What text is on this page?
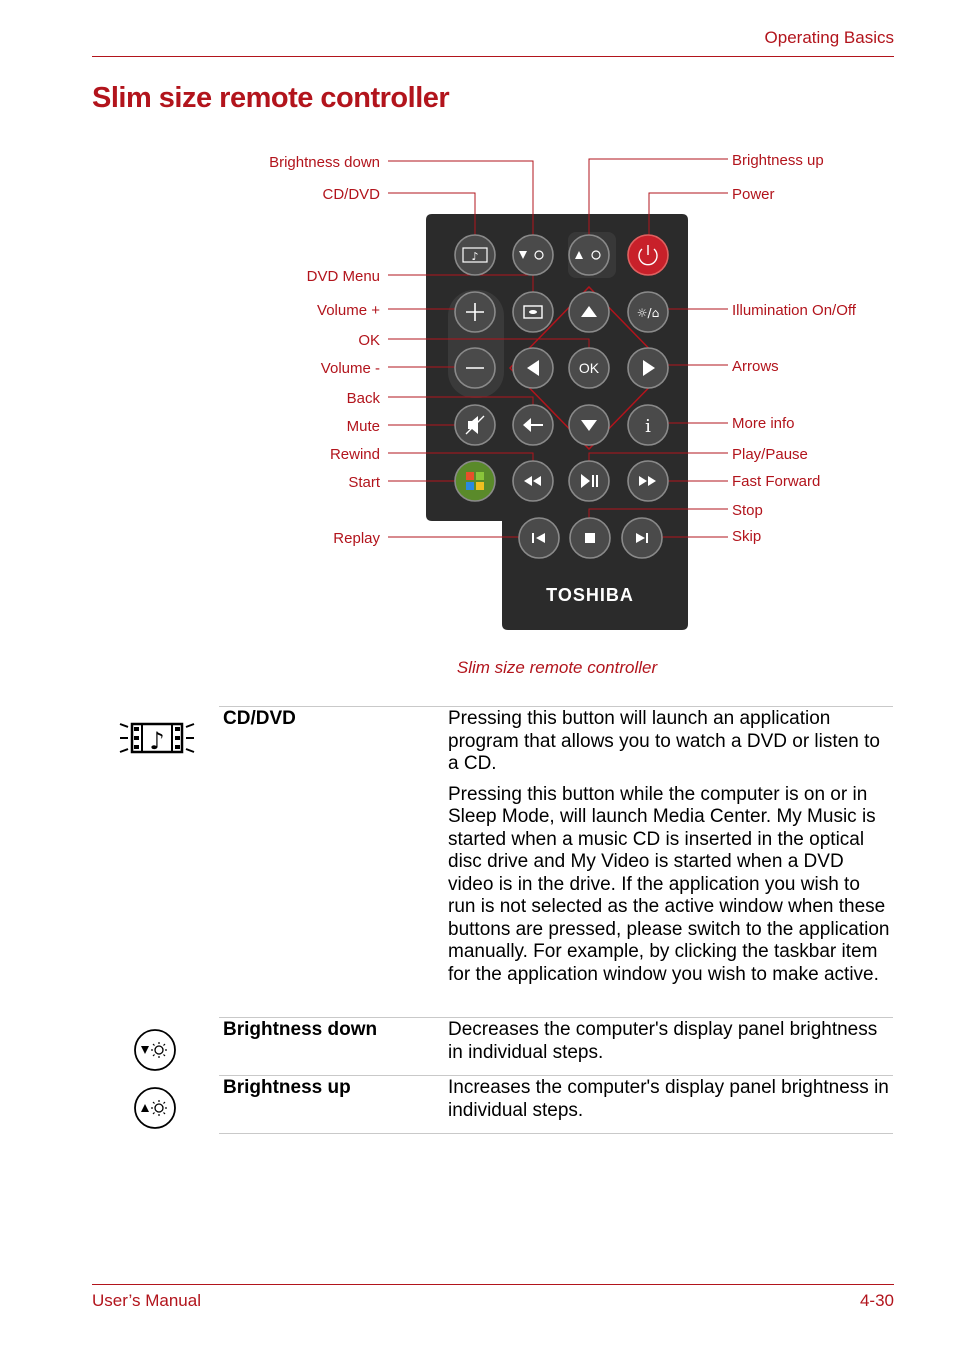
Operating Basics
Slim size remote controller
♪
☼/⌂
i
OK
TOSHIBA
Brightness down
CD/DVD
DVD Menu
Volume +
OK
Volume -
Back
Mute
Rewind
Start
Replay
Brightness up
Power
Illumination On/Off
Arrows
More info
Play/Pause
Fast Forward
Stop
Skip
Slim size remote controller
CD/DVD	Pressing this button will launch an application program that allows you to watch a DVD or listen to a CD.

Pressing this button while the computer is on or in Sleep Mode, will launch Media Center. My Music is started when a music CD is inserted in the optical disc drive and My Video is started when a DVD video is in the drive. If the application you wish to run is not selected as the active window when these buttons are pressed, please switch to the application manually. For example, by clicking the taskbar item for the application window you wish to make active.

♪
Brightness down	Decreases the computer's display panel brightness in individual steps.

Brightness up	Increases the computer's display panel brightness in individual steps.

User’s Manual	4-30
